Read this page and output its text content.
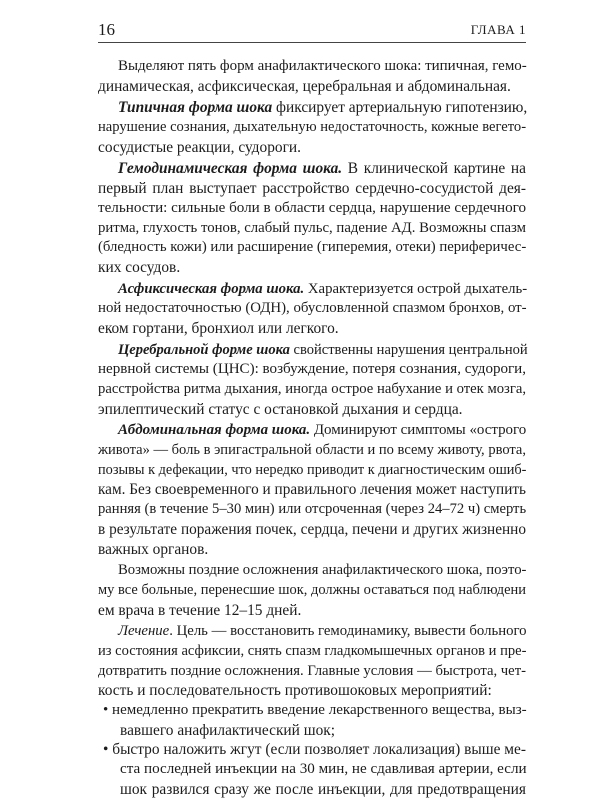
16	ГЛАВА 1
Выделяют пять форм анафилактического шока: типичная, гемо-
динамическая, асфиксическая, церебральная и абдоминальная.
Типичная форма шока фиксирует артериальную гипотензию,
нарушение сознания, дыхательную недостаточность, кожные вегето-
сосудистые реакции, судороги.
Гемодинамическая форма шока. В клинической картине на
первый план выступает расстройство сердечно-сосудистой дея-
тельности: сильные боли в области сердца, нарушение сердечного
ритма, глухость тонов, слабый пульс, падение АД. Возможны спазм
(бледность кожи) или расширение (гиперемия, отеки) периферичес-
ких сосудов.
Асфиксическая форма шока. Характеризуется острой дыхатель-
ной недостаточностью (ОДН), обусловленной спазмом бронхов, от-
еком гортани, бронхиол или легкого.
Церебральной форме шока свойственны нарушения центральной
нервной системы (ЦНС): возбуждение, потеря сознания, судороги,
расстройства ритма дыхания, иногда острое набухание и отек мозга,
эпилептический статус с остановкой дыхания и сердца.
Абдоминальная форма шока. Доминируют симптомы «острого
живота» — боль в эпигастральной области и по всему животу, рвота,
позывы к дефекации, что нередко приводит к диагностическим ошиб-
кам. Без своевременного и правильного лечения может наступить
ранняя (в течение 5–30 мин) или отсроченная (через 24–72 ч) смерть
в результате поражения почек, сердца, печени и других жизненно
важных органов.
Возможны поздние осложнения анафилактического шока, поэто-
му все больные, перенесшие шок, должны оставаться под наблюдени
ем врача в течение 12–15 дней.
Лечение. Цель — восстановить гемодинамику, вывести больного
из состояния асфиксии, снять спазм гладкомышечных органов и пре-
дотвратить поздние осложнения. Главные условия — быстрота, чет-
кость и последовательность противошоковых мероприятий:
• немедленно прекратить введение лекарственного вещества, выз-
вавшего анафилактический шок;
• быстро наложить жгут (если позволяет локализация) выше ме-
ста последней инъекции на 30 мин, не сдавливая артерии, если
шок развился сразу же после инъекции, для предотвращения
